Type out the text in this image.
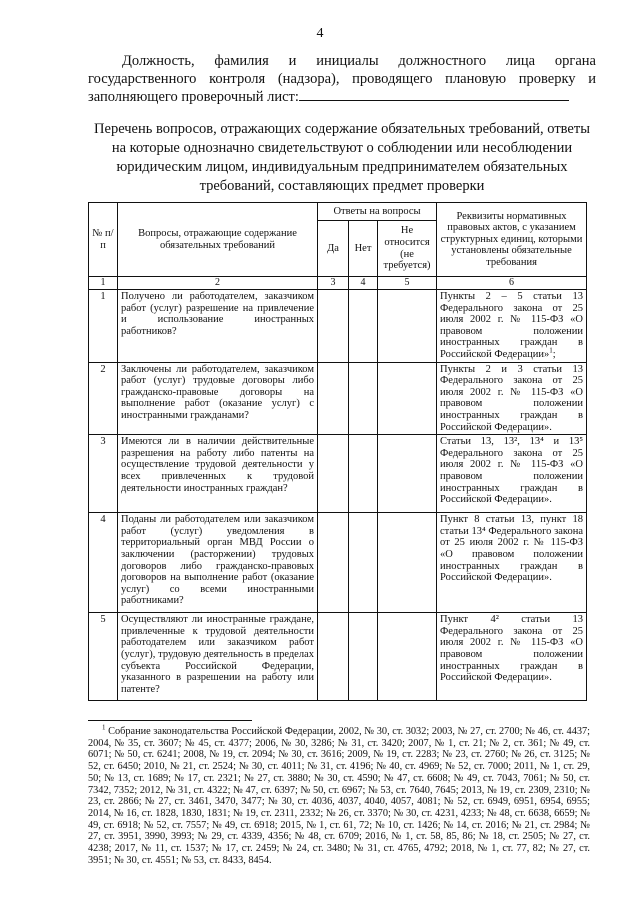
4
Должность, фамилия и инициалы должностного лица органа государственного контроля (надзора), проводящего плановую проверку и заполняющего проверочный лист:
Перечень вопросов, отражающих содержание обязательных требований, ответы на которые однозначно свидетельствуют о соблюдении или несоблюдении юридическим лицом, индивидуальным предпринимателем обязательных требований, составляющих предмет проверки
№ п/п	Вопросы, отражающие содержание обязательных требований	Ответы на вопросы			Реквизиты нормативных правовых актов, с указанием структурных единиц, которыми установлены обязательные требования
		Да	Нет	Не относится (не требуется)	
1	2	3	4	5	6
1	Получено ли работодателем, заказчиком работ (услуг) разрешение на привлечение и использование иностранных работников?				Пункты 2 – 5 статьи 13 Федерального закона от 25 июля 2002 г. № 115-ФЗ «О правовом положении иностранных граждан в Российской Федерации»$^1$;
2	Заключены ли работодателем, заказчиком работ (услуг) трудовые договоры либо гражданско-правовые договоры на выполнение работ (оказание услуг) с иностранными гражданами?				Пункты 2 и 3 статьи 13 Федерального закона от 25 июля 2002 г. № 115-ФЗ «О правовом положении иностранных граждан в Российской Федерации».
3	Имеются ли в наличии действительные разрешения на работу либо патенты на осуществление трудовой деятельности у всех привлеченных к трудовой деятельности иностранных граждан?				Статьи 13, 13², 13⁴ и 13⁵ Федерального закона от 25 июля 2002 г. № 115-ФЗ «О правовом положении иностранных граждан в Российской Федерации».
4	Поданы ли работодателем или заказчиком работ (услуг) уведомления в территориальный орган МВД России о заключении (расторжении) трудовых договоров либо гражданско-правовых договоров на выполнение работ (оказание услуг) со всеми иностранными работниками?				Пункт 8 статьи 13, пункт 18 статьи 13⁴ Федерального закона от 25 июля 2002 г. № 115-ФЗ «О правовом положении иностранных граждан в Российской Федерации».
5	Осуществляют ли иностранные граждане, привлеченные к трудовой деятельности работодателем или заказчиком работ (услуг), трудовую деятельность в пределах субъекта Российской Федерации, указанного в разрешении на работу или патенте?				Пункт 4² статьи 13 Федерального закона от 25 июля 2002 г. № 115-ФЗ «О правовом положении иностранных граждан в Российской Федерации».
$^1$ Собрание законодательства Российской Федерации, 2002, № 30, ст. 3032; 2003, № 27, ст. 2700; № 46, ст. 4437; 2004, № 35, ст. 3607; № 45, ст. 4377; 2006, № 30, 3286; № 31, ст. 3420; 2007, № 1, ст. 21; № 2, ст. 361; № 49, ст. 6071; № 50, ст. 6241; 2008, № 19, ст. 2094; № 30, ст. 3616; 2009, № 19, ст. 2283; № 23, ст. 2760; № 26, ст. 3125; № 52, ст. 6450; 2010, № 21, ст. 2524; № 30, ст. 4011; № 31, ст. 4196; № 40, ст. 4969; № 52, ст. 7000; 2011, № 1, ст. 29, 50; № 13, ст. 1689; № 17, ст. 2321; № 27, ст. 3880; № 30, ст. 4590; № 47, ст. 6608; № 49, ст. 7043, 7061; № 50, ст. 7342, 7352; 2012, № 31, ст. 4322; № 47, ст. 6397; № 50, ст. 6967; № 53, ст. 7640, 7645; 2013, № 19, ст. 2309, 2310; № 23, ст. 2866; № 27, ст. 3461, 3470, 3477; № 30, ст. 4036, 4037, 4040, 4057, 4081; № 52, ст. 6949, 6951, 6954, 6955; 2014, № 16, ст. 1828, 1830, 1831; № 19, ст. 2311, 2332; № 26, ст. 3370; № 30, ст. 4231, 4233; № 48, ст. 6638, 6659; № 49, ст. 6918; № 52, ст. 7557; № 49, ст. 6918; 2015, № 1, ст. 61, 72; № 10, ст. 1426; № 14, ст. 2016; № 21, ст. 2984; № 27, ст. 3951, 3990, 3993; № 29, ст. 4339, 4356; № 48, ст. 6709; 2016, № 1, ст. 58, 85, 86; № 18, ст. 2505; № 27, ст. 4238; 2017, № 11, ст. 1537; № 17, ст. 2459; № 24, ст. 3480; № 31, ст. 4765, 4792; 2018, № 1, ст. 77, 82; № 27, ст. 3951; № 30, ст. 4551; № 53, ст. 8433, 8454.
